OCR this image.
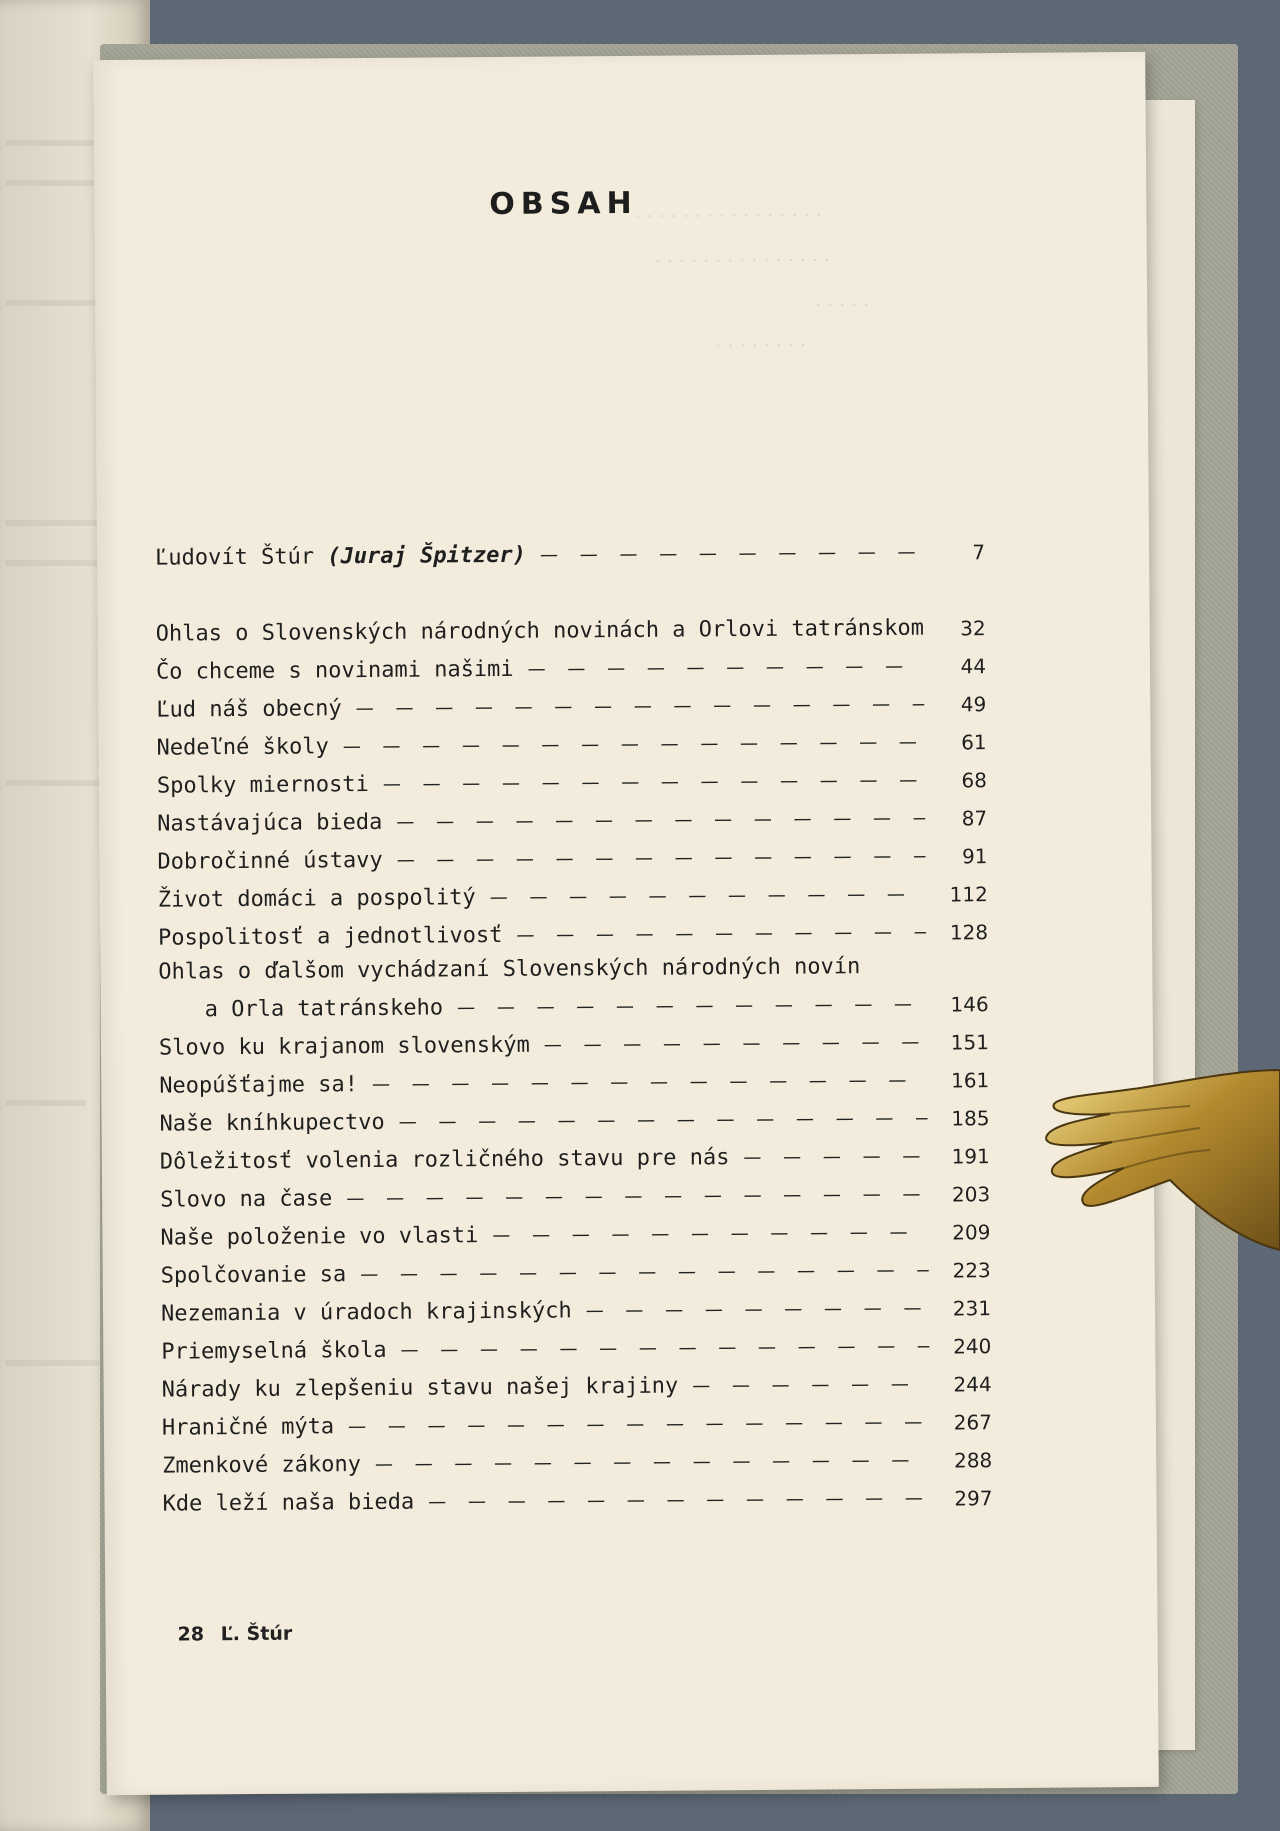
· · · · · · · · · · · · · · · ·
· · · · · · · · · · · · · · ·
· · · · ·
· · · · · · · ·
OBSAH
Ľudovít Štúr (Juraj Špitzer) — — —	7
Ohlas o Slovenských národných novinách a Orlovi tatránskom — — —	32
Čo chceme s novinami našimi — — —	44
Ľud náš obecný — — —	49
Nedeľné školy — — —	61
Spolky miernosti — — —	68
Nastávajúca bieda — — —	87
Dobročinné ústavy — — —	91
Život domáci a pospolitý — — —	112
Pospolitosť a jednotlivosť — — —	128
Ohlas o ďalšom vychádzaní Slovenských národných novín
a Orla tatránskeho — — —	146
Slovo ku krajanom slovenským — — —	151
Neopúšťajme sa! — — —	161
Naše kníhkupectvo — — —	185
Dôležitosť volenia rozličného stavu pre nás — — —	191
Slovo na čase — — —	203
Naše položenie vo vlasti — — —	209
Spolčovanie sa — — —	223
Nezemania v úradoch krajinských — — —	231
Priemyselná škola — — —	240
Nárady ku zlepšeniu stavu našej krajiny — — —	244
Hraničné mýta — — —	267
Zmenkové zákony — — —	288
Kde leží naša bieda — — —	297
28 Ľ. Štúr
